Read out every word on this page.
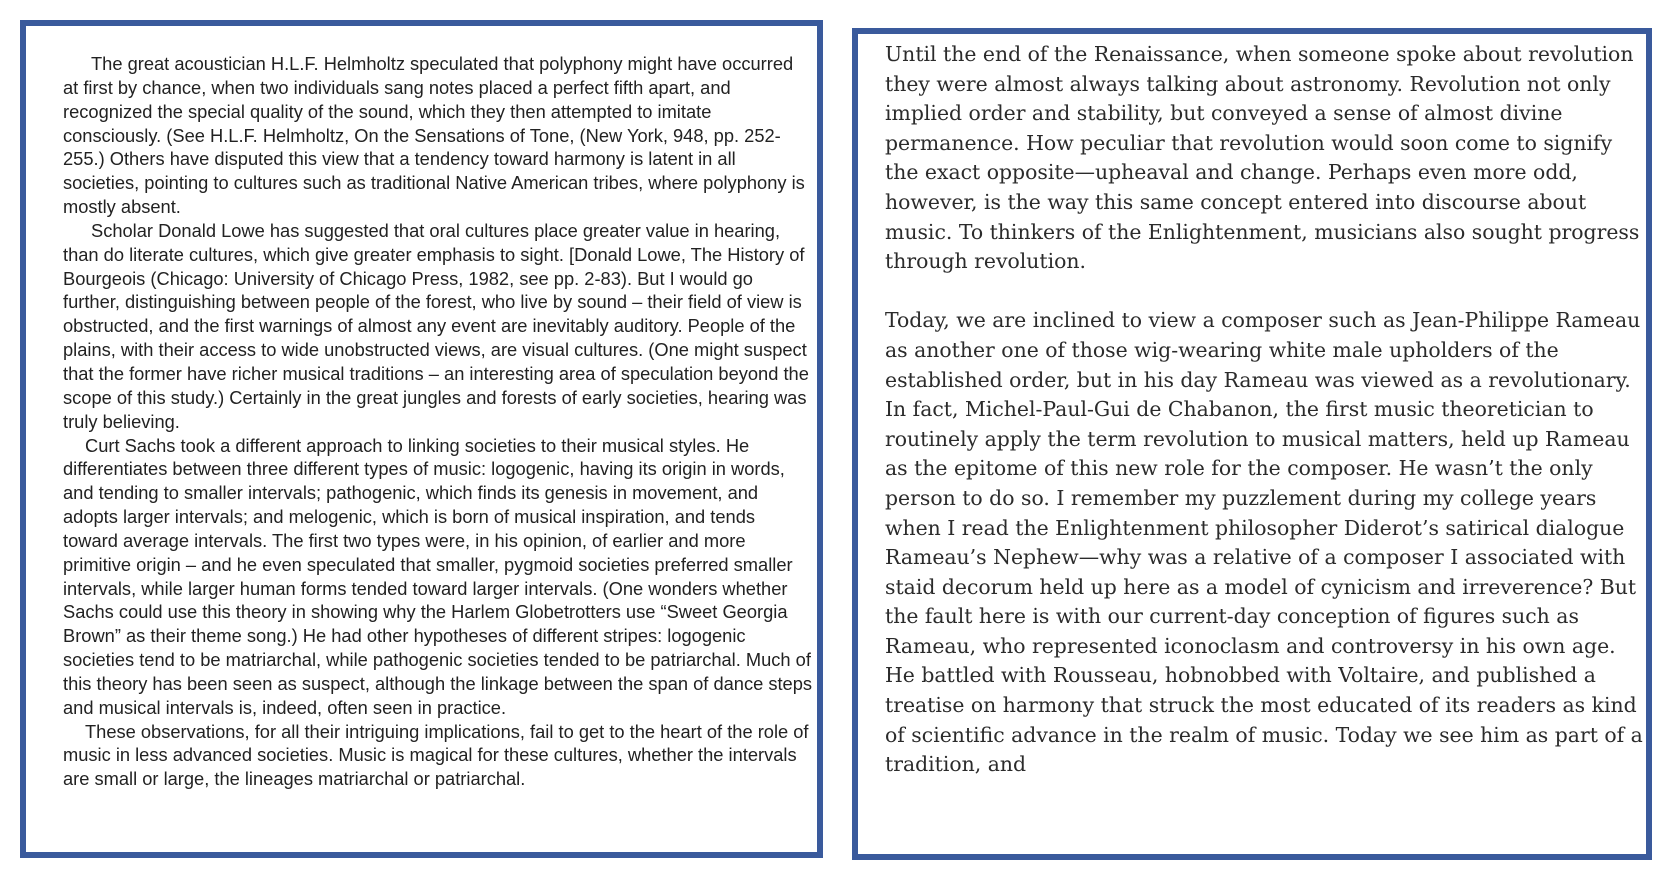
The great acoustician H.L.F. Helmholtz speculated that polyphony might have occurred at first by chance, when two individuals sang notes placed a perfect fifth apart, and recognized the special quality of the sound, which they then attempted to imitate consciously. (See H.L.F. Helmholtz, On the Sensations of Tone, (New York, 948, pp. 252-255.) Others have disputed this view that a tendency toward harmony is latent in all societies, pointing to cultures such as traditional Native American tribes, where polyphony is mostly absent.

Scholar Donald Lowe has suggested that oral cultures place greater value in hearing, than do literate cultures, which give greater emphasis to sight. [Donald Lowe, The History of Bourgeois (Chicago: University of Chicago Press, 1982, see pp. 2-83). But I would go further, distinguishing between people of the forest, who live by sound – their field of view is obstructed, and the first warnings of almost any event are inevitably auditory. People of the plains, with their access to wide unobstructed views, are visual cultures. (One might suspect that the former have richer musical traditions – an interesting area of speculation beyond the scope of this study.) Certainly in the great jungles and forests of early societies, hearing was truly believing.

Curt Sachs took a different approach to linking societies to their musical styles. He differentiates between three different types of music: logogenic, having its origin in words, and tending to smaller intervals; pathogenic, which finds its genesis in movement, and adopts larger intervals; and melogenic, which is born of musical inspiration, and tends toward average intervals. The first two types were, in his opinion, of earlier and more primitive origin – and he even speculated that smaller, pygmoid societies preferred smaller intervals, while larger human forms tended toward larger intervals. (One wonders whether Sachs could use this theory in showing why the Harlem Globetrotters use “Sweet Georgia Brown” as their theme song.) He had other hypotheses of different stripes: logogenic societies tend to be matriarchal, while pathogenic societies tended to be patriarchal. Much of this theory has been seen as suspect, although the linkage between the span of dance steps and musical intervals is, indeed, often seen in practice.

These observations, for all their intriguing implications, fail to get to the heart of the role of music in less advanced societies. Music is magical for these cultures, whether the intervals are small or large, the lineages matriarchal or patriarchal.

Until the end of the Renaissance, when someone spoke about revolution they were almost always talking about astronomy. Revolution not only implied order and stability, but conveyed a sense of almost divine permanence. How peculiar that revolution would soon come to signify the exact opposite—upheaval and change. Perhaps even more odd, however, is the way this same concept entered into discourse about music. To thinkers of the Enlightenment, musicians also sought progress through revolution.

Today, we are inclined to view a composer such as Jean-Philippe Rameau as another one of those wig-wearing white male upholders of the established order, but in his day Rameau was viewed as a revolutionary. In fact, Michel-Paul-Gui de Chabanon, the first music theoretician to routinely apply the term revolution to musical matters, held up Rameau as the epitome of this new role for the composer. He wasn’t the only person to do so. I remember my puzzlement during my college years when I read the Enlightenment philosopher Diderot’s satirical dialogue Rameau’s Nephew—why was a relative of a composer I associated with staid decorum held up here as a model of cynicism and irreverence? But the fault here is with our current-day conception of figures such as Rameau, who represented iconoclasm and controversy in his own age. He battled with Rousseau, hobnobbed with Voltaire, and published a treatise on harmony that struck the most educated of its readers as kind of scientific advance in the realm of music. Today we see him as part of a tradition, and
